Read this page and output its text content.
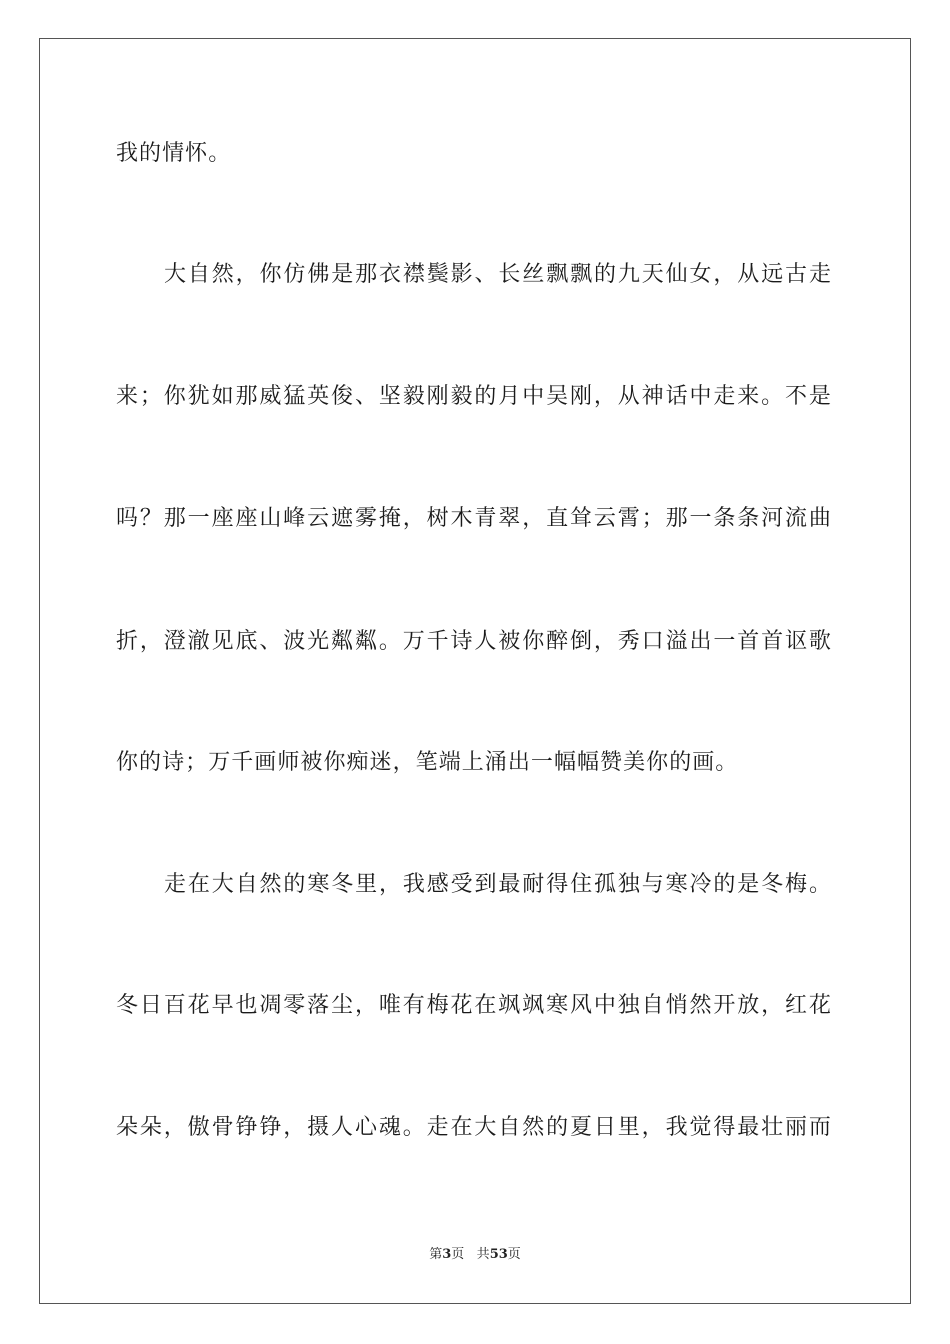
我的情怀。
大自然，你仿佛是那衣襟鬓影、长丝飘飘的九天仙女，从远古走
来；你犹如那威猛英俊、坚毅刚毅的月中吴刚，从神话中走来。不是
吗？那一座座山峰云遮雾掩，树木青翠，直耸云霄；那一条条河流曲
折，澄澈见底、波光粼粼。万千诗人被你醉倒，秀口溢出一首首讴歌
你的诗；万千画师被你痴迷，笔端上涌出一幅幅赞美你的画。
走在大自然的寒冬里，我感受到最耐得住孤独与寒冷的是冬梅。
冬日百花早也凋零落尘，唯有梅花在飒飒寒风中独自悄然开放，红花
朵朵，傲骨铮铮，摄人心魂。走在大自然的夏日里，我觉得最壮丽而
第3页 共53页
